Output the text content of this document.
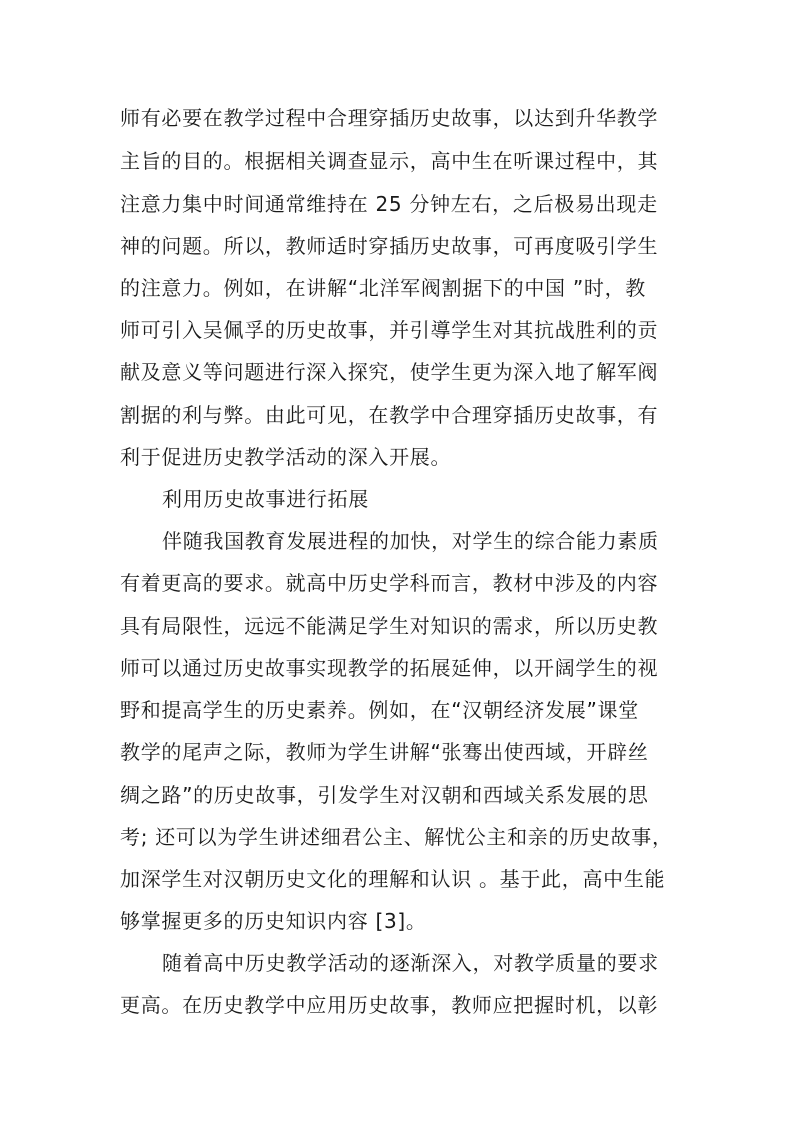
师有必要在教学过程中合理穿插历史故事，以达到升华教学
主旨的目的。根据相关调查显示，高中生在听课过程中，其
注意力集中时间通常维持在 25 分钟左右，之后极易出现走
神的问题。所以，教师适时穿插历史故事，可再度吸引学生
的注意力。例如，在讲解“北洋军阀割据下的中国 ”时，教
师可引入吴佩孚的历史故事，并引導学生对其抗战胜利的贡
献及意义等问题进行深入探究，使学生更为深入地了解军阀
割据的利与弊。由此可见，在教学中合理穿插历史故事，有
利于促进历史教学活动的深入开展。
利用历史故事进行拓展
伴随我国教育发展进程的加快，对学生的综合能力素质
有着更高的要求。就高中历史学科而言，教材中涉及的内容
具有局限性，远远不能满足学生对知识的需求，所以历史教
师可以通过历史故事实现教学的拓展延伸，以开阔学生的视
野和提高学生的历史素养。例如，在“汉朝经济发展”课堂
教学的尾声之际，教师为学生讲解“张骞出使西域，开辟丝
绸之路”的历史故事，引发学生对汉朝和西域关系发展的思
考; 还可以为学生讲述细君公主、解忧公主和亲的历史故事，
加深学生对汉朝历史文化的理解和认识 。基于此，高中生能
够掌握更多的历史知识内容 [3]。
随着高中历史教学活动的逐渐深入，对教学质量的要求
更高。在历史教学中应用历史故事，教师应把握时机，以彰
